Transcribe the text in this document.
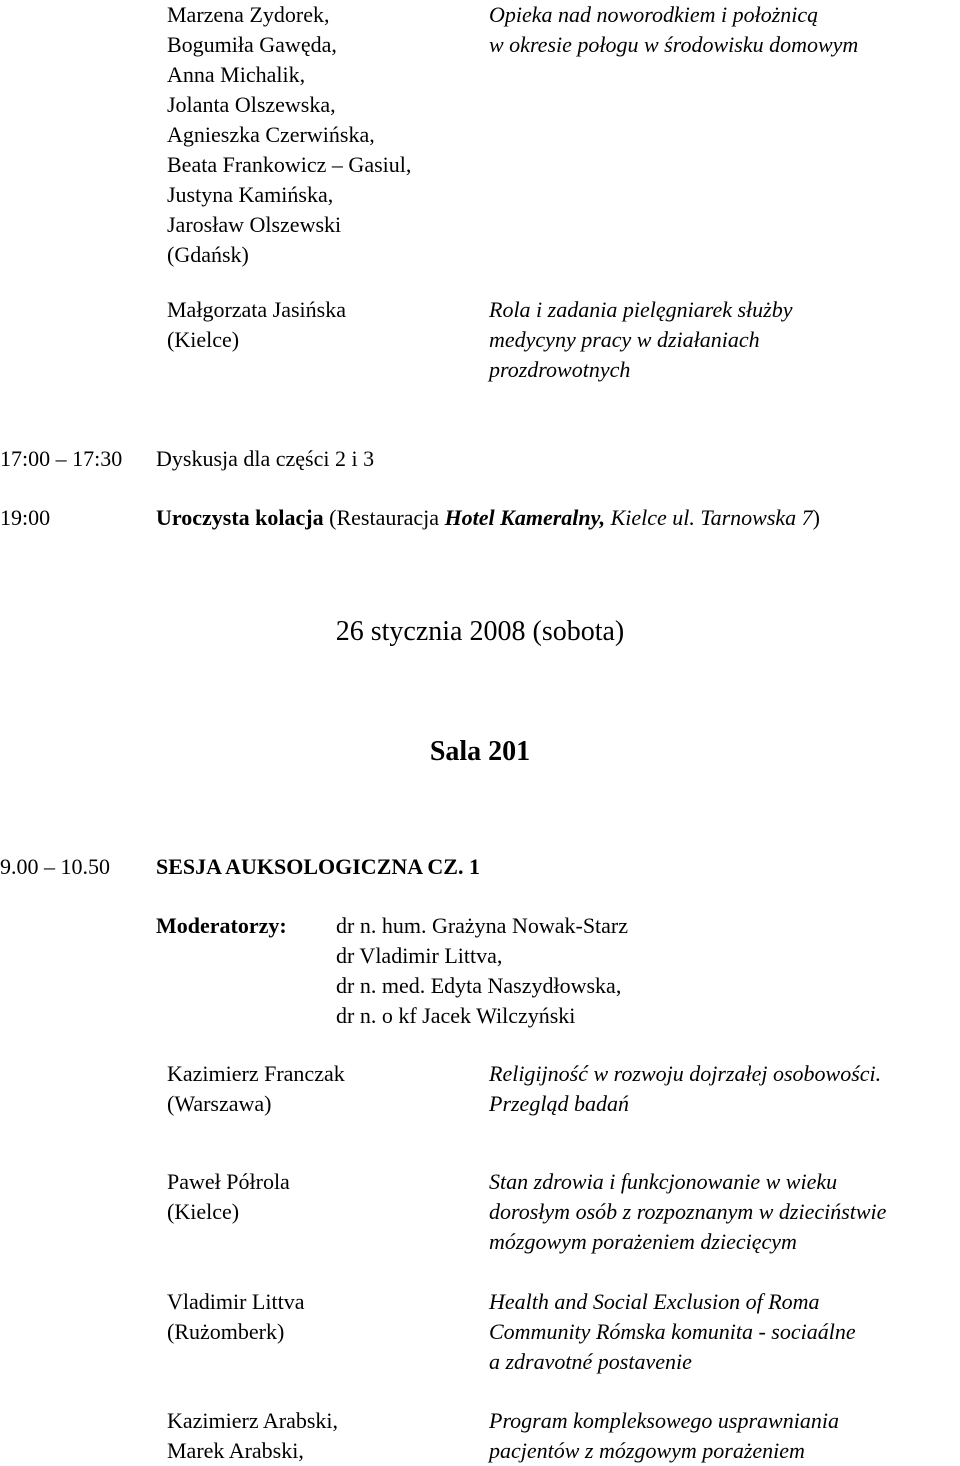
Marzena Zydorek,
Bogumiła Gawęda,
Anna Michalik,
Jolanta Olszewska,
Agnieszka Czerwińska,
Beata Frankowicz – Gasiul,
Justyna Kamińska,
Jarosław Olszewski
(Gdańsk)
Opieka nad noworodkiem i położnicą
w okresie połogu w środowisku domowym
Małgorzata Jasińska
(Kielce)
Rola i zadania pielęgniarek służby
medycyny pracy w działaniach
prozdrowotnych
17:00 – 17:30 Dyskusja dla części 2 i 3
19:00	Uroczysta kolacja (Restauracja Hotel Kameralny, Kielce ul. Tarnowska 7)
26 stycznia 2008 (sobota)
Sala 201
9.00 – 10.50 SESJA AUKSOLOGICZNA CZ. 1
Moderatorzy: dr n. hum. Grażyna Nowak-Starz
dr Vladimir Littva,
dr n. med. Edyta Naszydłowska,
dr n. o kf Jacek Wilczyński
Kazimierz Franczak
(Warszawa)
Religijność w rozwoju dojrzałej osobowości.
Przegląd badań
Paweł Półrola
(Kielce)
Stan zdrowia i funkcjonowanie w wieku
dorosłym osób z rozpoznanym w dzieciństwie
mózgowym porażeniem dziecięcym
Vladimir Littva
(Rużomberk)
Health and Social Exclusion of Roma
Community Rómska komunita - sociaálne
a zdravotné postavenie
Kazimierz Arabski,
Marek Arabski,
Program kompleksowego usprawniania
pacjentów z mózgowym porażeniem
